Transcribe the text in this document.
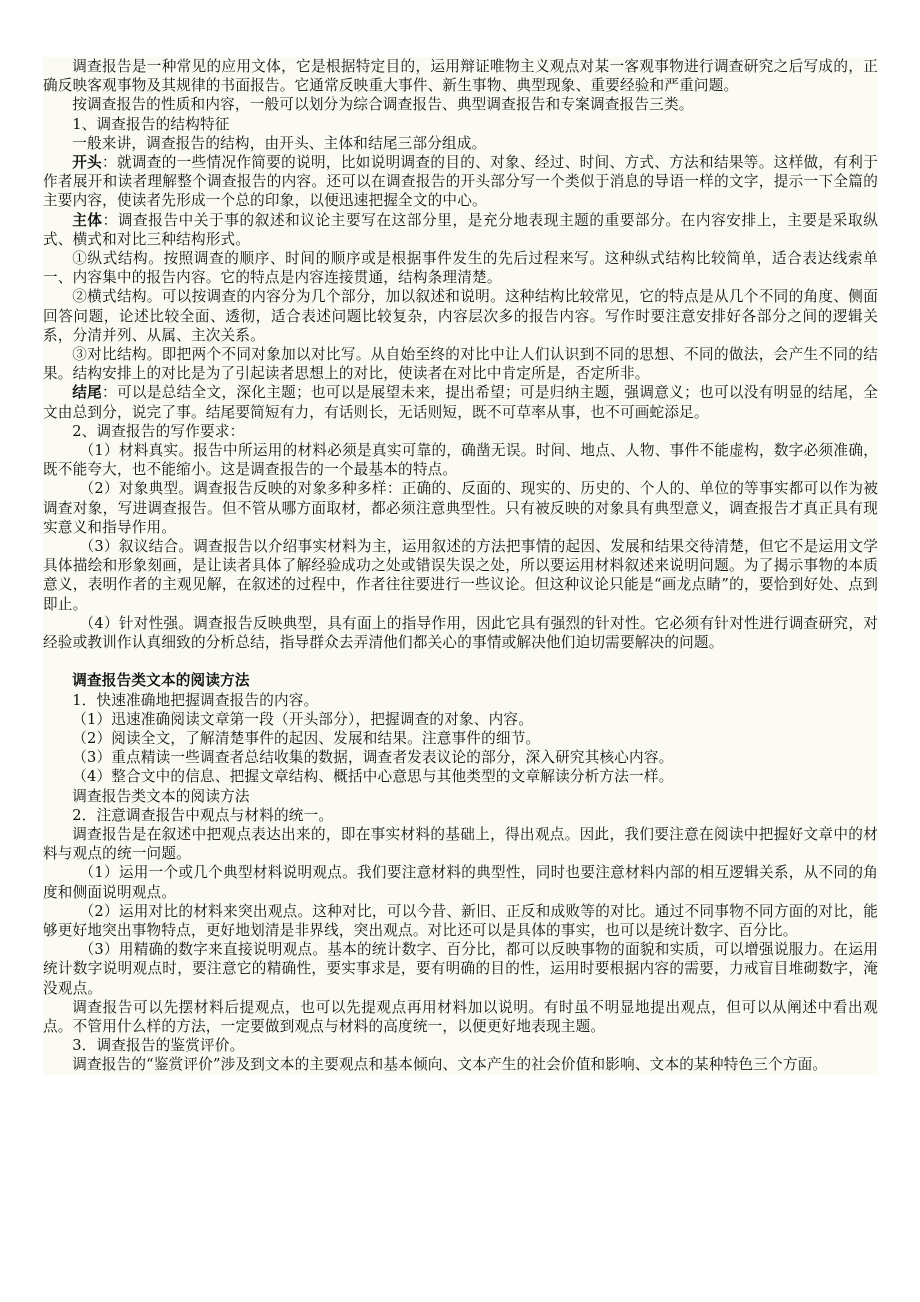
调查报告是一种常见的应用文体，它是根据特定目的，运用辩证唯物主义观点对某一客观事物进行调查研究之后写成的，正确反映客观事物及其规律的书面报告。它通常反映重大事件、新生事物、典型现象、重要经验和严重问题。

按调查报告的性质和内容，一般可以划分为综合调查报告、典型调查报告和专案调查报告三类。

1、调查报告的结构特征

一般来讲，调查报告的结构，由开头、主体和结尾三部分组成。

开头：就调查的一些情况作简要的说明，比如说明调查的目的、对象、经过、时间、方式、方法和结果等。这样做，有利于作者展开和读者理解整个调查报告的内容。还可以在调查报告的开头部分写一个类似于消息的导语一样的文字，提示一下全篇的主要内容，使读者先形成一个总的印象，以便迅速把握全文的中心。

主体：调查报告中关于事的叙述和议论主要写在这部分里，是充分地表现主题的重要部分。在内容安排上，主要是采取纵式、横式和对比三种结构形式。

①纵式结构。按照调查的顺序、时间的顺序或是根据事件发生的先后过程来写。这种纵式结构比较简单，适合表达线索单一、内容集中的报告内容。它的特点是内容连接贯通，结构条理清楚。

②横式结构。可以按调查的内容分为几个部分，加以叙述和说明。这种结构比较常见，它的特点是从几个不同的角度、侧面回答问题，论述比较全面、透彻，适合表述问题比较复杂，内容层次多的报告内容。写作时要注意安排好各部分之间的逻辑关系，分清并列、从属、主次关系。

③对比结构。即把两个不同对象加以对比写。从自始至终的对比中让人们认识到不同的思想、不同的做法，会产生不同的结果。结构安排上的对比是为了引起读者思想上的对比，使读者在对比中肯定所是，否定所非。

结尾：可以是总结全文，深化主题；也可以是展望未来，提出希望；可是归纳主题，强调意义；也可以没有明显的结尾，全文由总到分，说完了事。结尾要简短有力，有话则长，无话则短，既不可草率从事，也不可画蛇添足。

2、调查报告的写作要求：

（1）材料真实。报告中所运用的材料必须是真实可靠的，确凿无误。时间、地点、人物、事件不能虚构，数字必须准确，既不能夸大，也不能缩小。这是调查报告的一个最基本的特点。

（2）对象典型。调查报告反映的对象多种多样：正确的、反面的、现实的、历史的、个人的、单位的等事实都可以作为被调查对象，写进调查报告。但不管从哪方面取材，都必须注意典型性。只有被反映的对象具有典型意义，调查报告才真正具有现实意义和指导作用。

（3）叙议结合。调查报告以介绍事实材料为主，运用叙述的方法把事情的起因、发展和结果交待清楚，但它不是运用文学具体描绘和形象刻画，是让读者具体了解经验成功之处或错误失误之处，所以要运用材料叙述来说明问题。为了揭示事物的本质意义，表明作者的主观见解，在叙述的过程中，作者往往要进行一些议论。但这种议论只能是“画龙点睛”的，要恰到好处、点到即止。

（4）针对性强。调查报告反映典型，具有面上的指导作用，因此它具有强烈的针对性。它必须有针对性进行调查研究，对经验或教训作认真细致的分析总结，指导群众去弄清他们都关心的事情或解决他们迫切需要解决的问题。

调查报告类文本的阅读方法

1．快速准确地把握调查报告的内容。

（1）迅速准确阅读文章第一段（开头部分），把握调查的对象、内容。

（2）阅读全文，了解清楚事件的起因、发展和结果。注意事件的细节。

（3）重点精读一些调查者总结收集的数据，调查者发表议论的部分，深入研究其核心内容。

（4）整合文中的信息、把握文章结构、概括中心意思与其他类型的文章解读分析方法一样。

调查报告类文本的阅读方法

2．注意调查报告中观点与材料的统一。

调查报告是在叙述中把观点表达出来的，即在事实材料的基础上，得出观点。因此，我们要注意在阅读中把握好文章中的材料与观点的统一问题。

（1）运用一个或几个典型材料说明观点。我们要注意材料的典型性，同时也要注意材料内部的相互逻辑关系，从不同的角度和侧面说明观点。

（2）运用对比的材料来突出观点。这种对比，可以今昔、新旧、正反和成败等的对比。通过不同事物不同方面的对比，能够更好地突出事物特点，更好地划清是非界线，突出观点。对比还可以是具体的事实，也可以是统计数字、百分比。

（3）用精确的数字来直接说明观点。基本的统计数字、百分比，都可以反映事物的面貌和实质，可以增强说服力。在运用统计数字说明观点时，要注意它的精确性，要实事求是，要有明确的目的性，运用时要根据内容的需要，力戒盲目堆砌数字，淹没观点。

调查报告可以先摆材料后提观点，也可以先提观点再用材料加以说明。有时虽不明显地提出观点，但可以从阐述中看出观点。不管用什么样的方法，一定要做到观点与材料的高度统一，以便更好地表现主题。

3．调查报告的鉴赏评价。

调查报告的“鉴赏评价”涉及到文本的主要观点和基本倾向、文本产生的社会价值和影响、文本的某种特色三个方面。
